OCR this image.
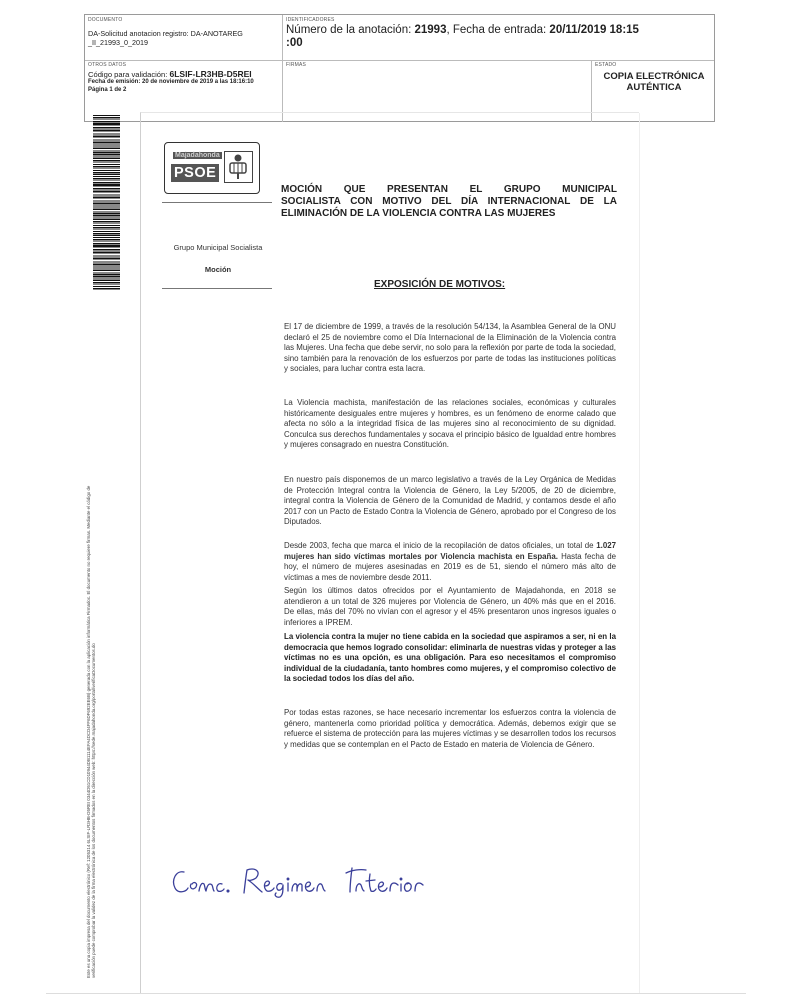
DOCUMENTO
DA-Solicitud anotacion registro: DA-ANOTAREG _II_21993_0_2019
IDENTIFICADORES
Número de la anotación: 21993, Fecha de entrada: 20/11/2019 18:15
:00
OTROS DATOS
Código para validación: 6LSIF-LR3HB-D5REI
Fecha de emisión: 20 de noviembre de 2019 a las 18:16:10
Página 1 de 2
FIRMAS	ESTADO
COPIA ELECTRÓNICA AUTÉNTICA
Este es una copia impresa del documento electrónico (Ref: 1205314 6LSIF-LR3HB-D5REI 0344D51CD10944DB1114EFA4DCD4FF6DF692EE6B) generada con la aplicación informática Firmadoc. El documento no requiere firmas. Mediante el código de verificación puede comprobar la validez de la firma electrónica de los documentos firmados en la dirección web: https://sede.majadahonda.org/portal/verificaDocumentos.do
Majadahonda
PSOE
MOCIÓN QUE PRESENTAN EL GRUPO MUNICIPAL
SOCIALISTA CON MOTIVO DEL DÍA INTERNACIONAL DE LA
ELIMINACIÓN DE LA VIOLENCIA CONTRA LAS MUJERES
Grupo Municipal Socialista
Moción
EXPOSICIÓN DE MOTIVOS:

El 17 de diciembre de 1999, a través de la resolución 54/134, la Asamblea General de la ONU declaró el 25 de noviembre como el Día Internacional de la Eliminación de la Violencia contra las Mujeres. Una fecha que debe servir, no solo para la reflexión por parte de toda la sociedad, sino también para la renovación de los esfuerzos por parte de todas las instituciones políticas y sociales, para luchar contra esta lacra.

La Violencia machista, manifestación de las relaciones sociales, económicas y culturales históricamente desiguales entre mujeres y hombres, es un fenómeno de enorme calado que afecta no sólo a la integridad física de las mujeres sino al reconocimiento de su dignidad. Conculca sus derechos fundamentales y socava el principio básico de Igualdad entre hombres y mujeres consagrado en nuestra Constitución.

En nuestro país disponemos de un marco legislativo a través de la Ley Orgánica de Medidas de Protección Integral contra la Violencia de Género, la Ley 5/2005, de 20 de diciembre, integral contra la Violencia de Género de la Comunidad de Madrid, y contamos desde el año 2017 con un Pacto de Estado Contra la Violencia de Género, aprobado por el Congreso de los Diputados.

Desde 2003, fecha que marca el inicio de la recopilación de datos oficiales, un total de 1.027 mujeres han sido víctimas mortales por Violencia machista en España. Hasta fecha de hoy, el número de mujeres asesinadas en 2019 es de 51, siendo el número más alto de víctimas a mes de noviembre desde 2011.

Según los últimos datos ofrecidos por el Ayuntamiento de Majadahonda, en 2018 se atendieron a un total de 326 mujeres por Violencia de Género, un 40% más que en el 2016. De ellas, más del 70% no vivían con el agresor y el 45% presentaron unos ingresos iguales o inferiores a IPREM.

La violencia contra la mujer no tiene cabida en la sociedad que aspiramos a ser, ni en la democracia que hemos logrado consolidar: eliminarla de nuestras vidas y proteger a las víctimas no es una opción, es una obligación. Para eso necesitamos el compromiso individual de la ciudadanía, tanto hombres como mujeres, y el compromiso colectivo de la sociedad todos los días del año.

Por todas estas razones, se hace necesario incrementar los esfuerzos contra la violencia de género, mantenerla como prioridad política y democrática. Además, debemos exigir que se refuerce el sistema de protección para las mujeres víctimas y se desarrollen todos los recursos y medidas que se contemplan en el Pacto de Estado en materia de Violencia de Género.
